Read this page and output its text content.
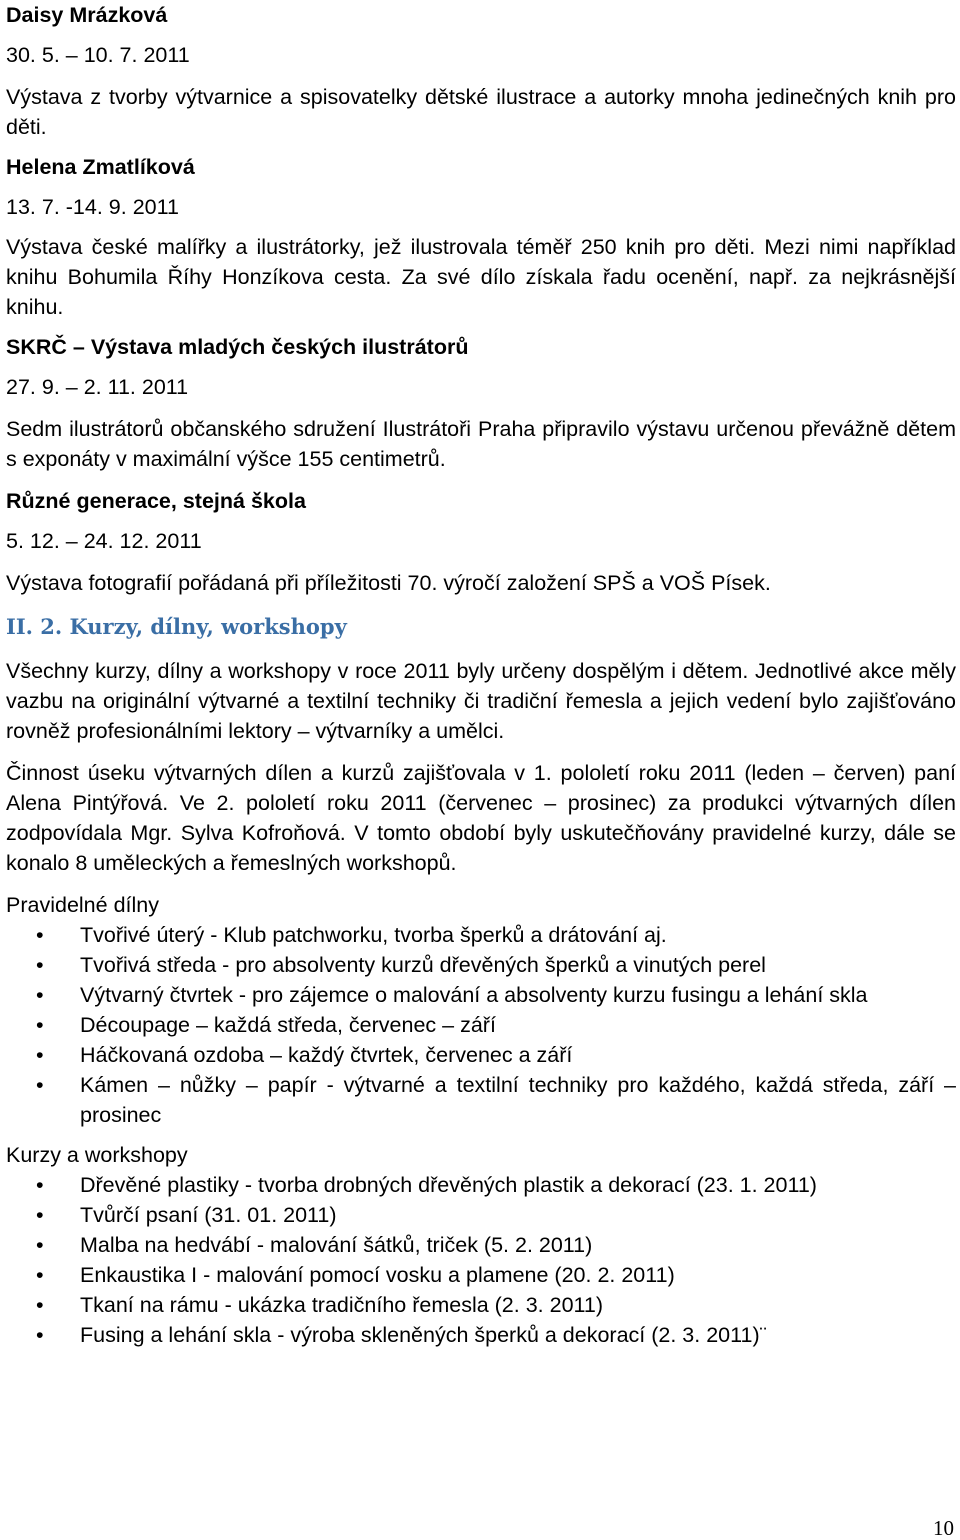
Daisy Mrázková

30. 5. – 10. 7. 2011

Výstava z tvorby výtvarnice a spisovatelky dětské ilustrace a autorky mnoha jedinečných knih pro děti.

Helena Zmatlíková

13. 7. -14. 9. 2011

Výstava české malířky a ilustrátorky, jež ilustrovala téměř 250 knih pro děti. Mezi nimi například knihu Bohumila Říhy Honzíkova cesta. Za své dílo získala řadu ocenění, např. za nejkrásnější knihu.

SKRČ – Výstava mladých českých ilustrátorů

27. 9. – 2. 11. 2011

Sedm ilustrátorů občanského sdružení Ilustrátoři Praha připravilo výstavu určenou převážně dětem s exponáty v maximální výšce 155 centimetrů.

Různé generace, stejná škola

5. 12. – 24. 12. 2011

Výstava fotografií pořádaná při příležitosti 70. výročí založení SPŠ a VOŠ Písek.

II. 2. Kurzy, dílny, workshopy

Všechny kurzy, dílny a workshopy v roce 2011 byly určeny dospělým i dětem. Jednotlivé akce měly vazbu na originální výtvarné a textilní techniky či tradiční řemesla a jejich vedení bylo zajišťováno rovněž profesionálními lektory – výtvarníky a umělci.

Činnost úseku výtvarných dílen a kurzů zajišťovala v 1. pololetí roku 2011 (leden – červen) paní Alena Pintýřová. Ve 2. pololetí roku 2011 (červenec – prosinec) za produkci výtvarných dílen zodpovídala Mgr. Sylva Kofroňová. V tomto období byly uskutečňovány pravidelné kurzy, dále se konalo 8 uměleckých a řemeslných workshopů.

Pravidelné dílny

• Tvořivé úterý - Klub patchworku, tvorba šperků a drátování aj.
• Tvořivá středa - pro absolventy kurzů dřevěných šperků a vinutých perel
• Výtvarný čtvrtek - pro zájemce o malování a absolventy kurzu fusingu a lehání skla
• Découpage – každá středa, červenec – září
• Háčkovaná ozdoba – každý čtvrtek, červenec a září
• Kámen – nůžky – papír - výtvarné a textilní techniky pro každého, každá středa, září – prosinec

Kurzy a workshopy

• Dřevěné plastiky - tvorba drobných dřevěných plastik a dekorací (23. 1. 2011)
• Tvůrčí psaní (31. 01. 2011)
• Malba na hedvábí - malování šátků, triček (5. 2. 2011)
• Enkaustika I - malování pomocí vosku a plamene (20. 2. 2011)
• Tkaní na rámu - ukázka tradičního řemesla (2. 3. 2011)
• Fusing a lehání skla - výroba skleněných šperků a dekorací (2. 3. 2011)¨
10
